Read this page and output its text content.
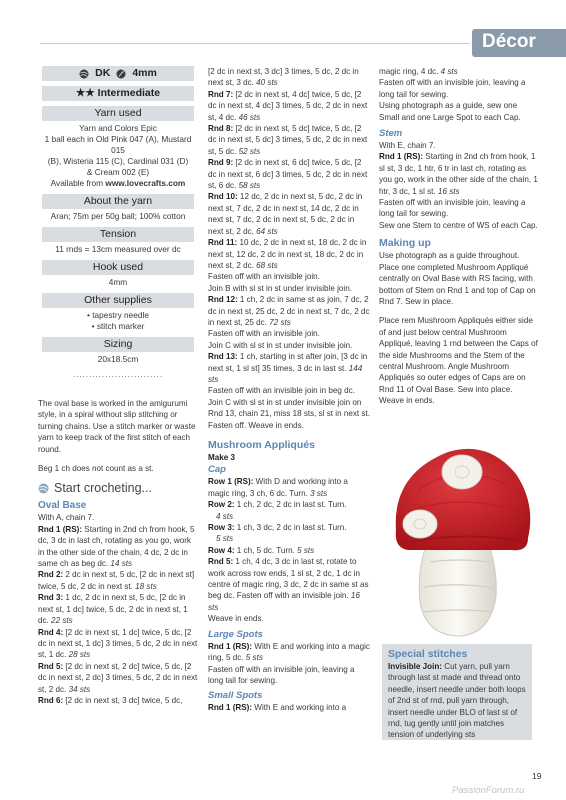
Décor
DK 4mm
★★ Intermediate
Yarn used
Yarn and Colors Epic
1 ball each in Old Pink 047 (A), Mustard 015
(B), Wisteria 115 (C), Cardinal 031 (D)
& Cream 002 (E)
Available from www.lovecrafts.com
About the yarn
Aran; 75m per 50g ball; 100% cotton
Tension
11 rnds = 13cm measured over dc
Hook used
4mm
Other supplies
• tapestry needle
• stitch marker
Sizing
20x18.5cm
............................

The oval base is worked in the amigurumi style, in a spiral without slip stitching or turning chains. Use a stitch marker or waste yarn to keep track of the first stitch of each round.

Beg 1 ch does not count as a st.

Start crocheting...
Oval Base

With A, chain 7.

Rnd 1 (RS): Starting in 2nd ch from hook, 5 dc, 3 dc in last ch, rotating as you go, work in the other side of the chain, 4 dc, 2 dc in same ch as beg dc. 14 sts

Rnd 2: 2 dc in next st, 5 dc, [2 dc in next st] twice, 5 dc, 2 dc in next st. 18 sts

Rnd 3: 1 dc, 2 dc in next st, 5 dc, [2 dc in next st, 1 dc] twice, 5 dc, 2 dc in next st, 1 dc. 22 sts

Rnd 4: [2 dc in next st, 1 dc] twice, 5 dc, [2 dc in next st, 1 dc] 3 times, 5 dc, 2 dc in next st, 1 dc. 28 sts

Rnd 5: [2 dc in next st, 2 dc] twice, 5 dc, [2 dc in next st, 2 dc] 3 times, 5 dc, 2 dc in next st, 2 dc. 34 sts

Rnd 6: [2 dc in next st, 3 dc] twice, 5 dc,

[2 dc in next st, 3 dc] 3 times, 5 dc, 2 dc in next st, 3 dc. 40 sts

Rnd 7: [2 dc in next st, 4 dc] twice, 5 dc, [2 dc in next st, 4 dc] 3 times, 5 dc, 2 dc in next st, 4 dc. 46 sts

Rnd 8: [2 dc in next st, 5 dc] twice, 5 dc, [2 dc in next st, 5 dc] 3 times, 5 dc, 2 dc in next st, 5 dc. 52 sts

Rnd 9: [2 dc in next st, 6 dc] twice, 5 dc, [2 dc in next st, 6 dc] 3 times, 5 dc, 2 dc in next st, 6 dc. 58 sts

Rnd 10: 12 dc, 2 dc in next st, 5 dc, 2 dc in next st, 7 dc, 2 dc in next st, 14 dc, 2 dc in next st, 7 dc, 2 dc in next st, 5 dc, 2 dc in next st, 2 dc. 64 sts

Rnd 11: 10 dc, 2 dc in next st, 18 dc, 2 dc in next st, 12 dc, 2 dc in next st, 18 dc, 2 dc in next st, 2 dc. 68 sts

Fasten off with an invisible join.

Join B with sl st in st under invisible join.

Rnd 12: 1 ch, 2 dc in same st as join, 7 dc, 2 dc in next st, 25 dc, 2 dc in next st, 7 dc, 2 dc in next st, 25 dc. 72 sts

Fasten off with an invisible join.

Join C with sl st in st under invisible join.

Rnd 13: 1 ch, starting in st after join, [3 dc in next st, 1 sl st] 35 times, 3 dc in last st. 144 sts

Fasten off with an invisible join in beg dc. Join C with sl st in st under invisible join on Rnd 13, chain 21, miss 18 sts, sl st in next st.

Fasten off. Weave in ends.

Mushroom Appliqués

Make 3

Cap

Row 1 (RS): With D and working into a magic ring, 3 ch, 6 dc. Turn. 3 sts

Row 2: 1 ch, 2 dc, 2 dc in last st. Turn.
4 sts

Row 3: 1 ch, 3 dc, 2 dc in last st. Turn.
5 sts

Row 4: 1 ch, 5 dc. Turn. 5 sts

Rnd 5: 1 ch, 4 dc, 3 dc in last st, rotate to work across row ends, 1 sl st, 2 dc, 1 dc in centre of magic ring, 3 dc, 2 dc in same st as beg dc. Fasten off with an invisible join. 16 sts

Weave in ends.

Large Spots

Rnd 1 (RS): With E and working into a magic ring, 5 dc. 5 sts

Fasten off with an invisible join, leaving a long tail for sewing.

Small Spots

Rnd 1 (RS): With E and working into a

magic ring, 4 dc. 4 sts

Fasten off with an invisible join, leaving a long tail for sewing.

Using photograph as a guide, sew one Small and one Large Spot to each Cap.

Stem

With E, chain 7.

Rnd 1 (RS): Starting in 2nd ch from hook, 1 sl st, 3 dc, 1 htr, 6 tr in last ch, rotating as you go, work in the other side of the chain, 1 htr, 3 dc, 1 sl st. 16 sts

Fasten off with an invisible join, leaving a long tail for sewing.

Sew one Stem to centre of WS of each Cap.

Making up

Use photograph as a guide throughout. Place one completed Mushroom Appliqué centrally on Oval Base with RS facing, with bottom of Stem on Rnd 1 and top of Cap on Rnd 7. Sew in place.

Place rem Mushroom Appliqués either side of and just below central Mushroom Appliqué, leaving 1 rnd between the Caps of the side Mushrooms and the Stem of the central Mushroom. Angle Mushroom Appliqués so outer edges of Caps are on Rnd 11 of Oval Base. Sew into place. Weave in ends.

Special stitches

Invisible Join: Cut yarn, pull yarn through last st made and thread onto needle, insert needle under both loops of 2nd st of rnd, pull yarn through, insert needle under BLO of last st of rnd, tug gently until join matches tension of underlying sts

19
PassionForum.ru
